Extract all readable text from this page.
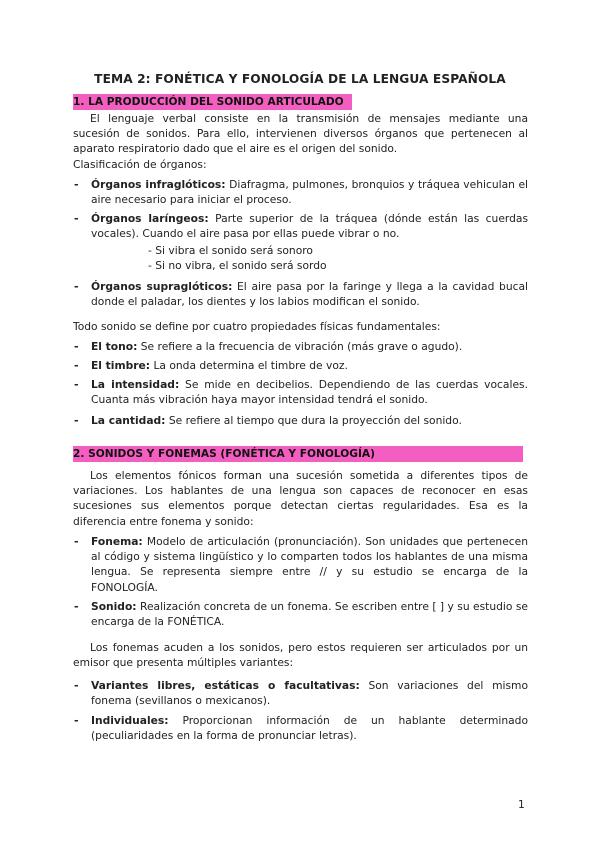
TEMA 2: FONÉTICA Y FONOLOGÍA DE LA LENGUA ESPAÑOLA
1. LA PRODUCCIÓN DEL SONIDO ARTICULADO

El lenguaje verbal consiste en la transmisión de mensajes mediante una sucesión de sonidos. Para ello, intervienen diversos órganos que pertenecen al aparato respiratorio dado que el aire es el origen del sonido.

Clasificación de órganos:

- Órganos infraglóticos: Diafragma, pulmones, bronquios y tráquea vehiculan el aire necesario para iniciar el proceso.

- Órganos laríngeos: Parte superior de la tráquea (dónde están las cuerdas vocales). Cuando el aire pasa por ellas puede vibrar o no.

- Si vibra el sonido será sonoro
- Si no vibra, el sonido será sordo
- Órganos supraglóticos: El aire pasa por la faringe y llega a la cavidad bucal donde el paladar, los dientes y los labios modifican el sonido.

Todo sonido se define por cuatro propiedades físicas fundamentales:

- El tono: Se refiere a la frecuencia de vibración (más grave o agudo).

- El timbre: La onda determina el timbre de voz.

- La intensidad: Se mide en decibelios. Dependiendo de las cuerdas vocales. Cuanta más vibración haya mayor intensidad tendrá el sonido.

- La cantidad: Se refiere al tiempo que dura la proyección del sonido.

2. SONIDOS Y FONEMAS (FONÉTICA Y FONOLOGÍA)

Los elementos fónicos forman una sucesión sometida a diferentes tipos de variaciones. Los hablantes de una lengua son capaces de reconocer en esas sucesiones sus elementos porque detectan ciertas regularidades. Esa es la diferencia entre fonema y sonido:

- Fonema: Modelo de articulación (pronunciación). Son unidades que pertenecen al código y sistema lingüístico y lo comparten todos los hablantes de una misma lengua. Se representa siempre entre // y su estudio se encarga de la FONOLOGÍA.

- Sonido: Realización concreta de un fonema. Se escriben entre [ ] y su estudio se encarga de la FONÉTICA.

Los fonemas acuden a los sonidos, pero estos requieren ser articulados por un emisor que presenta múltiples variantes:

- Variantes libres, estáticas o facultativas: Son variaciones del mismo fonema (sevillanos o mexicanos).

- Individuales: Proporcionan información de un hablante determinado (peculiaridades en la forma de pronunciar letras).

1
